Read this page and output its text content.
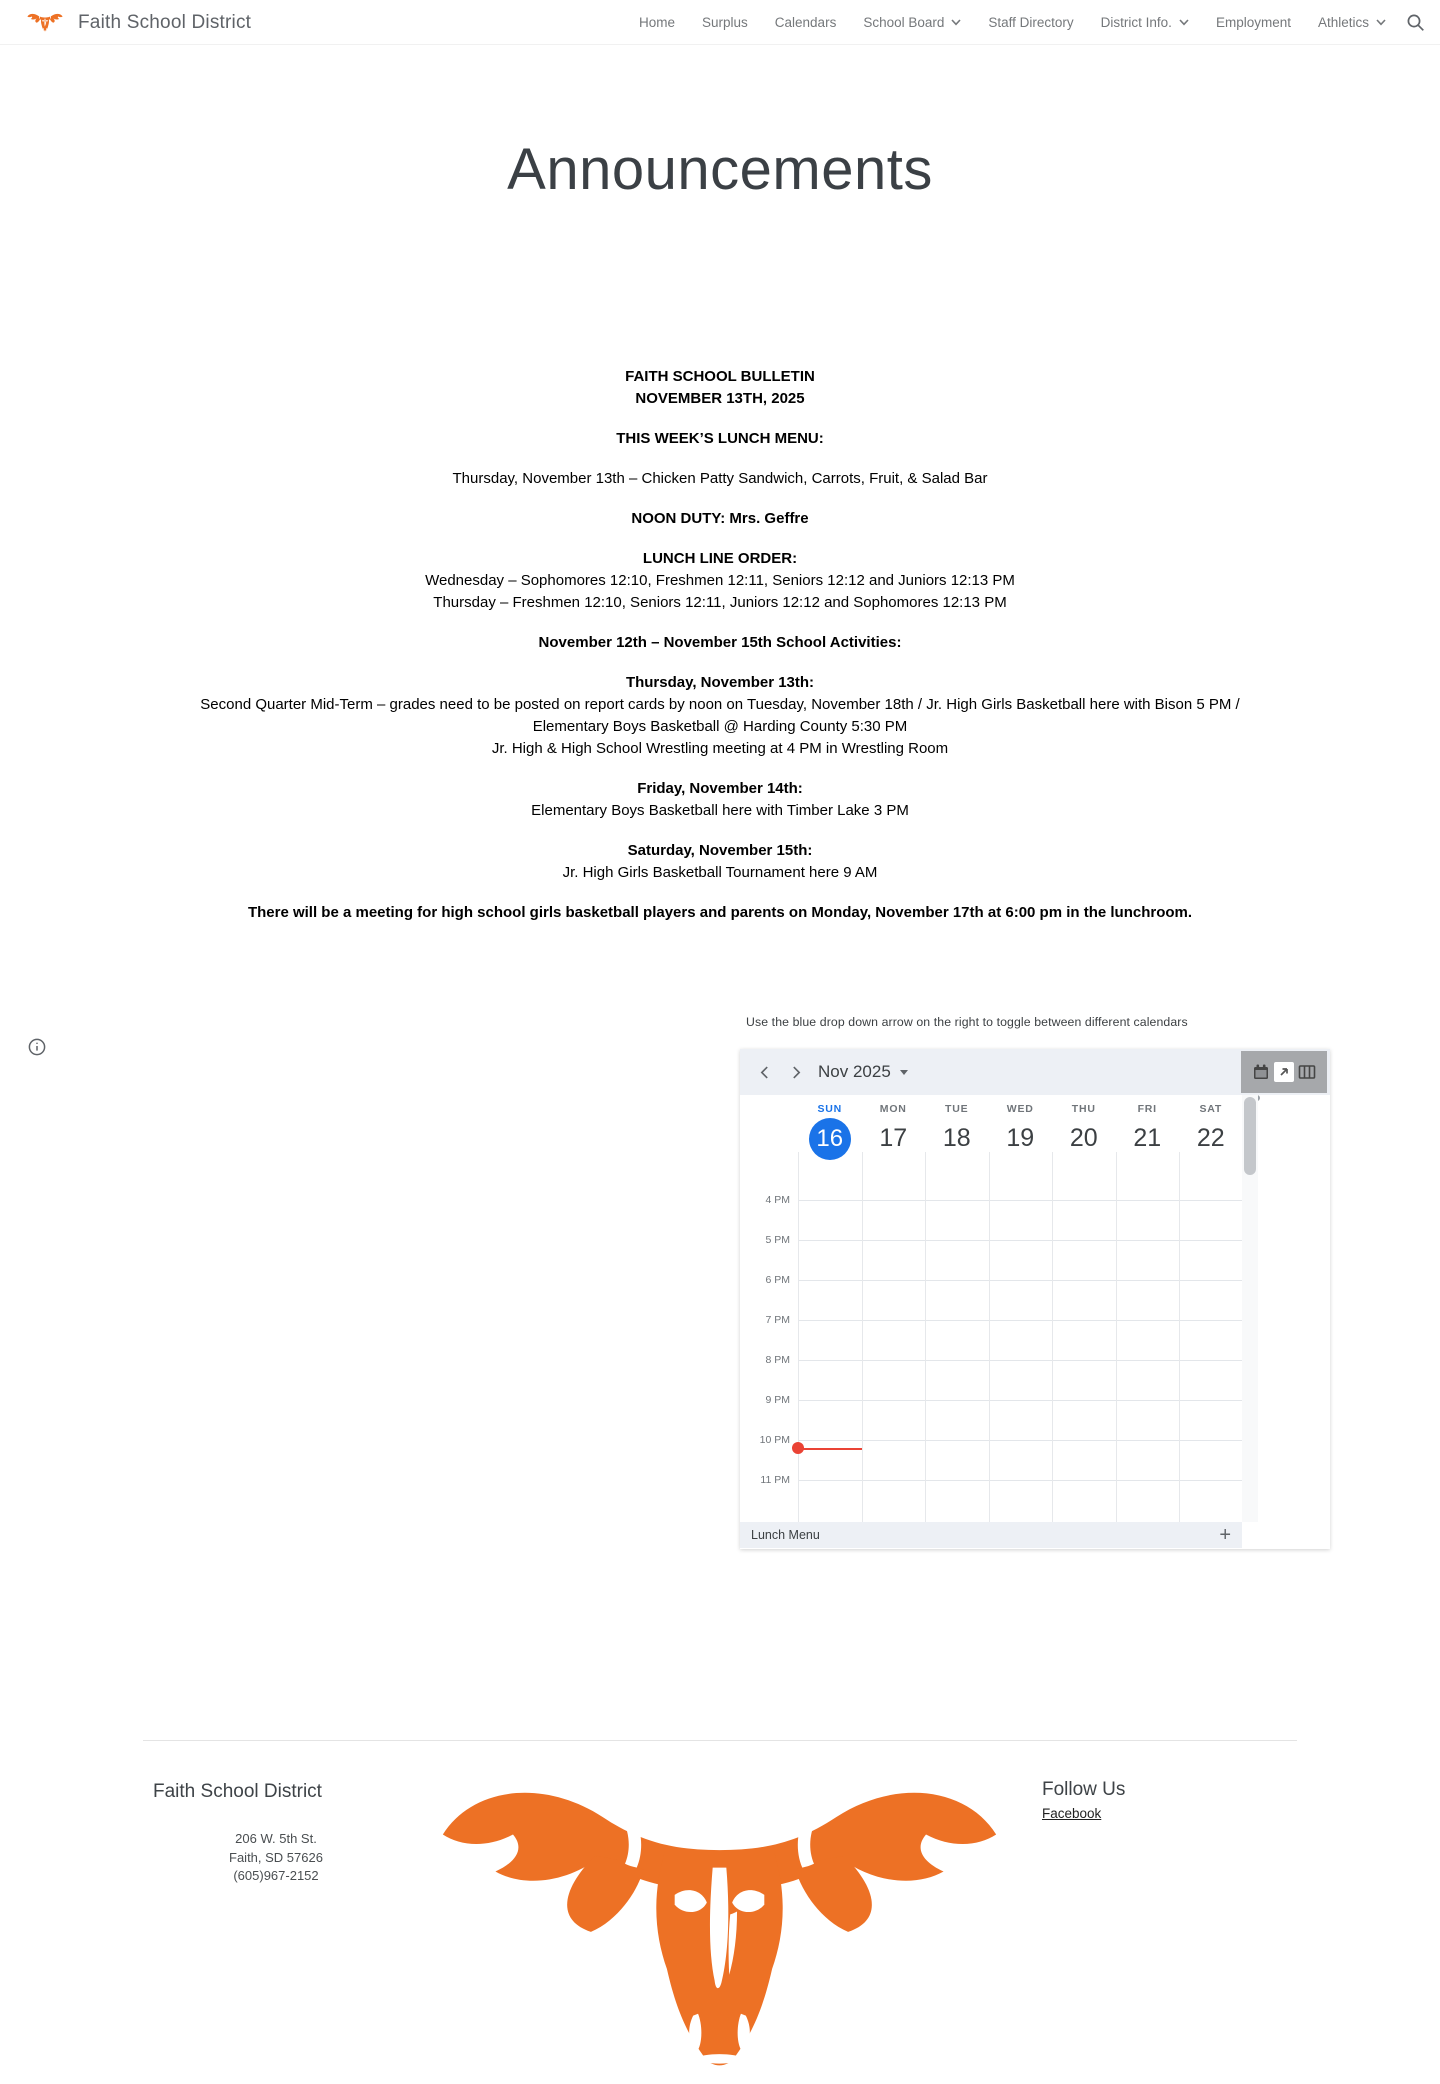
Faith School District	Home Surplus Calendars School Board	Staff Directory District Info.	Employment Athletics
Announcements

FAITH SCHOOL BULLETIN
NOVEMBER 13TH, 2025

THIS WEEK’S LUNCH MENU:

Thursday, November 13th – Chicken Patty Sandwich, Carrots, Fruit, & Salad Bar

NOON DUTY: Mrs. Geffre

LUNCH LINE ORDER:
Wednesday – Sophomores 12:10, Freshmen 12:11, Seniors 12:12 and Juniors 12:13 PM
Thursday – Freshmen 12:10, Seniors 12:11, Juniors 12:12 and Sophomores 12:13 PM

November 12th – November 15th School Activities:

Thursday, November 13th:
Second Quarter Mid-Term – grades need to be posted on report cards by noon on Tuesday, November 18th / Jr. High Girls Basketball here with Bison 5 PM /
Elementary Boys Basketball @ Harding County 5:30 PM
Jr. High & High School Wrestling meeting at 4 PM in Wrestling Room

Friday, November 14th:
Elementary Boys Basketball here with Timber Lake 3 PM

Saturday, November 15th:
Jr. High Girls Basketball Tournament here 9 AM

There will be a meeting for high school girls basketball players and parents on Monday, November 17th at 6:00 pm in the lunchroom.

Use the blue drop down arrow on the right to toggle between different calendars
Nov 2025
SUN
16
MON
17
TUE
18
WED
19
THU
20
FRI
21
SAT
22
4 PM
5 PM
6 PM
7 PM
8 PM
9 PM
10 PM
11 PM
Lunch Menu	+
Faith School District
206 W. 5th St.
Faith, SD 57626
(605)967-2152
Follow Us
Facebook
